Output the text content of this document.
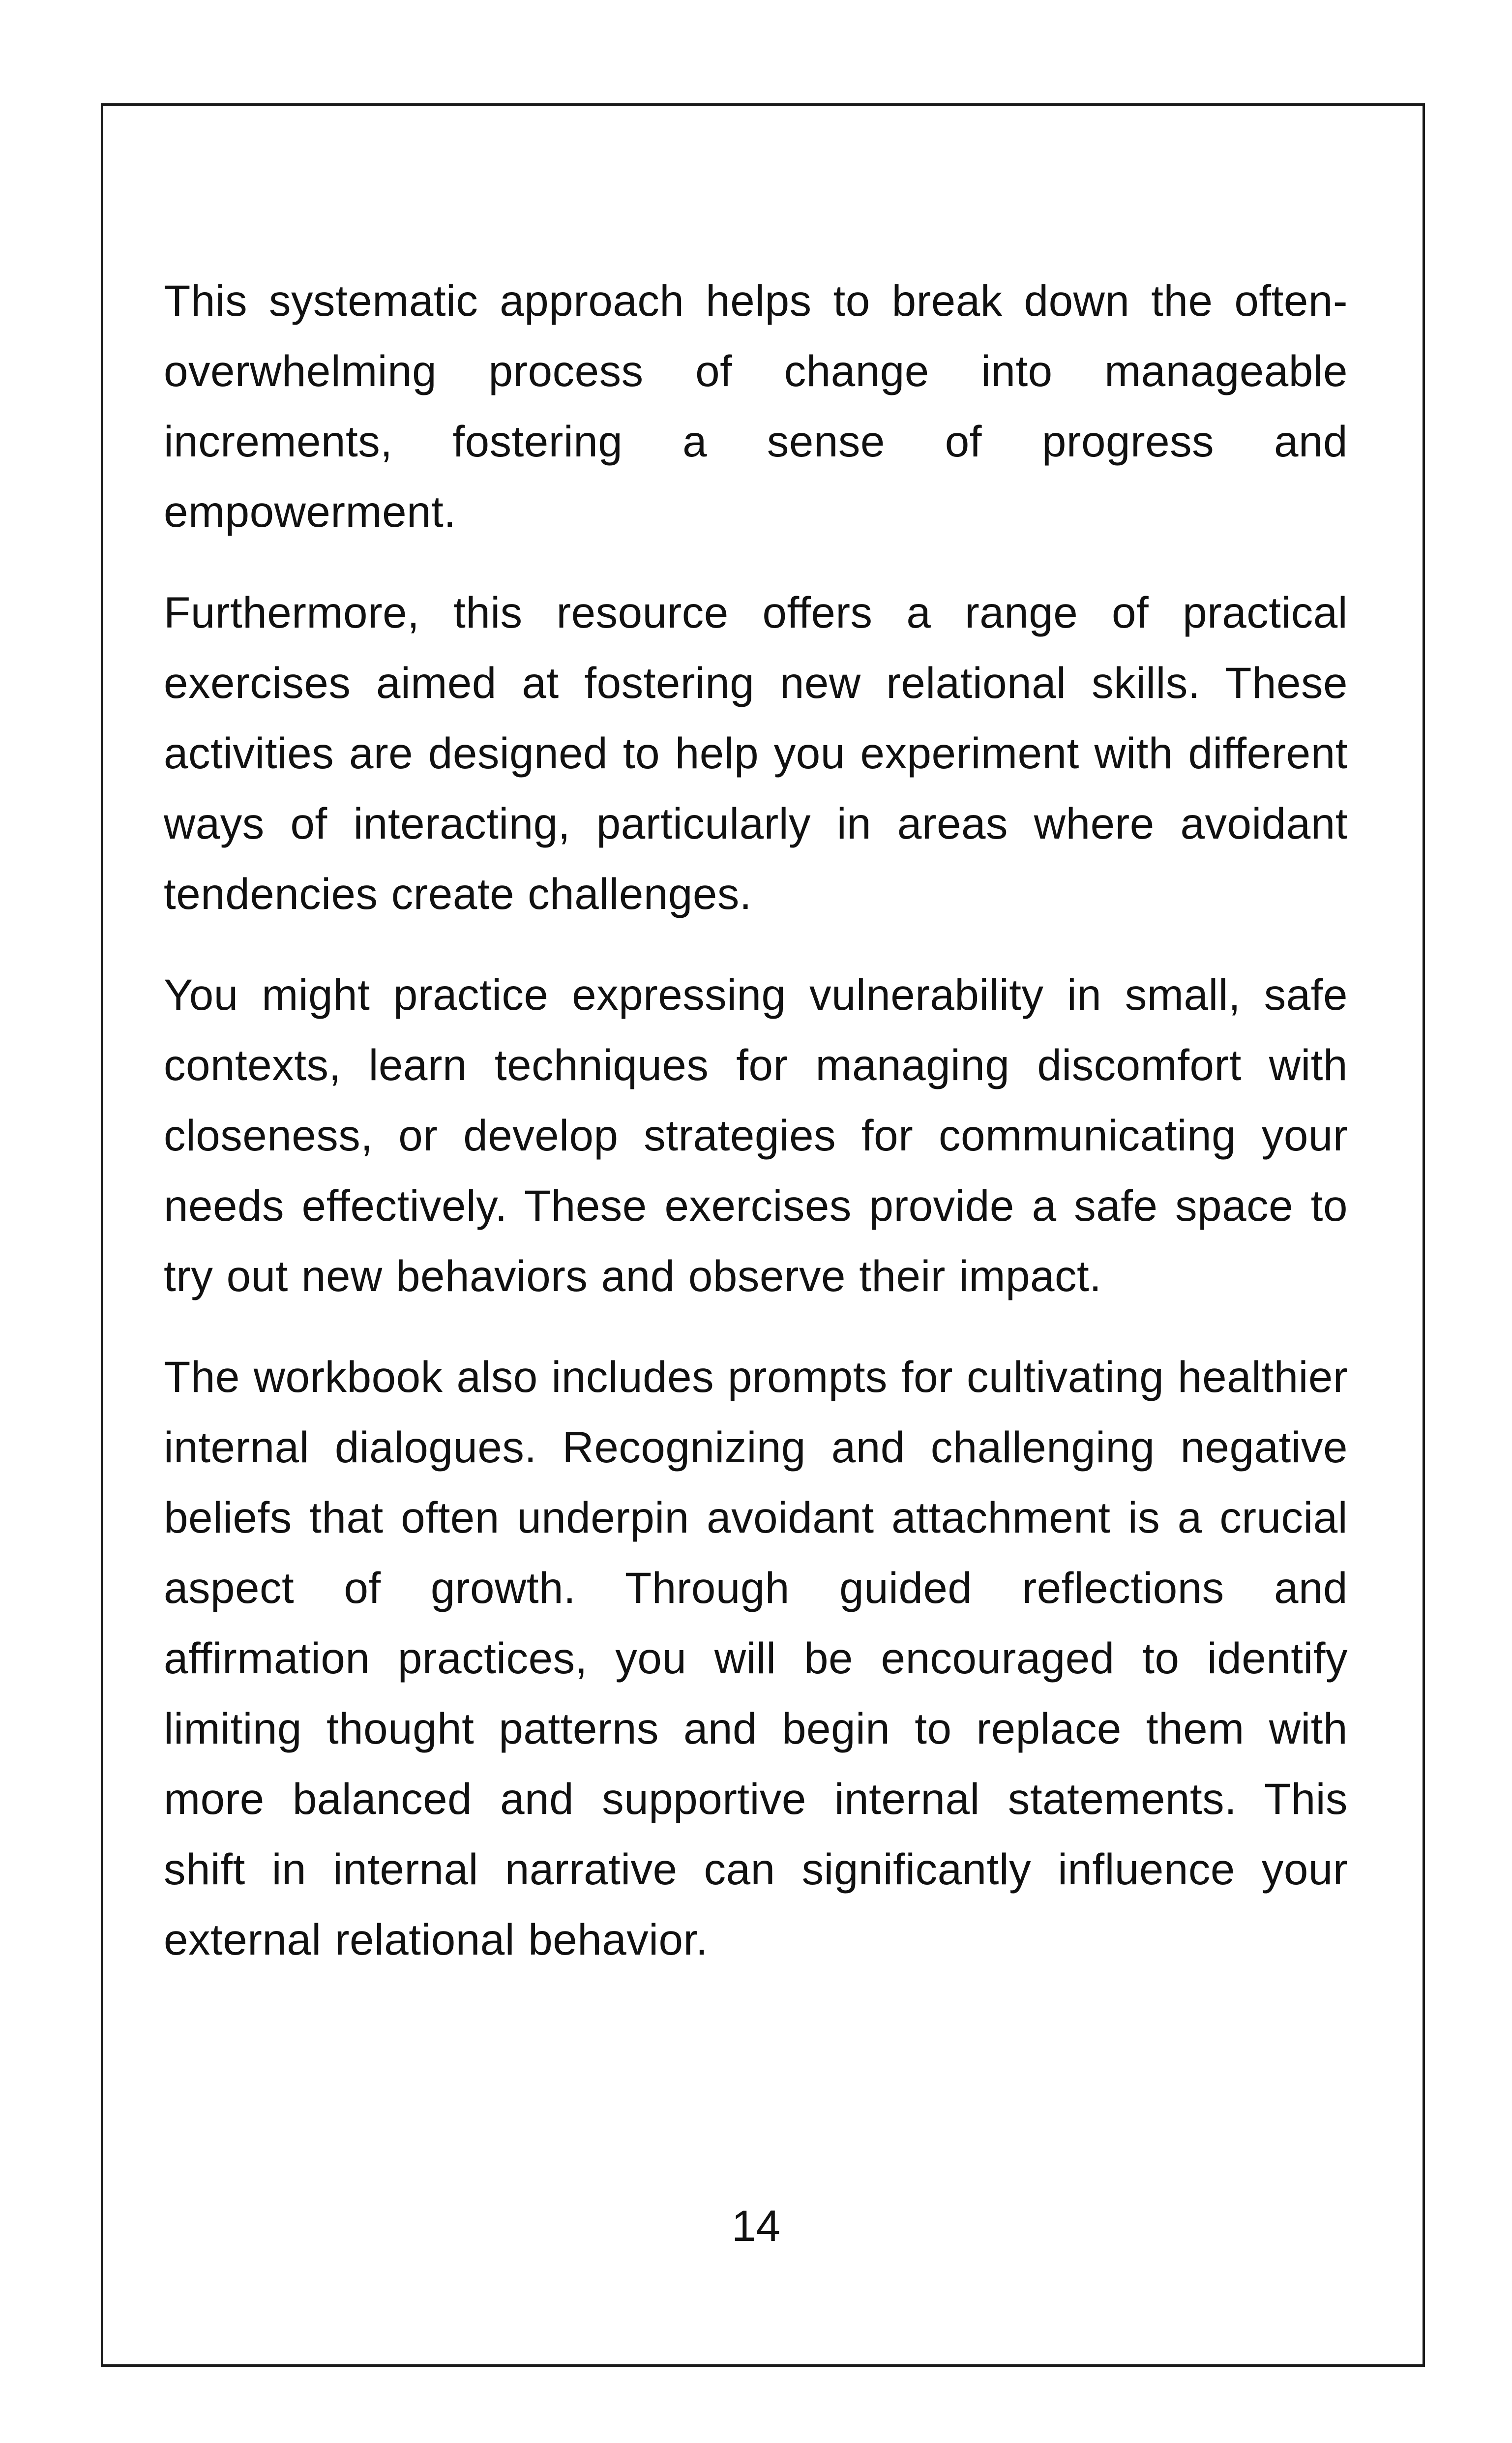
This systematic approach helps to break down the often-overwhelming process of change into manageable increments, fostering a sense of progress and empowerment.

Furthermore, this resource offers a range of practical exercises aimed at fostering new relational skills. These activities are designed to help you experiment with different ways of interacting, particularly in areas where avoidant tendencies create challenges.

You might practice expressing vulnerability in small, safe contexts, learn techniques for managing discomfort with closeness, or develop strategies for communicating your needs effectively. These exercises provide a safe space to try out new behaviors and observe their impact.

The workbook also includes prompts for cultivating healthier internal dialogues. Recognizing and challenging negative beliefs that often underpin avoidant attachment is a crucial aspect of growth. Through guided reflections and affirmation practices, you will be encouraged to identify limiting thought patterns and begin to replace them with more balanced and supportive internal statements. This shift in internal narrative can significantly influence your external relational behavior.

14
